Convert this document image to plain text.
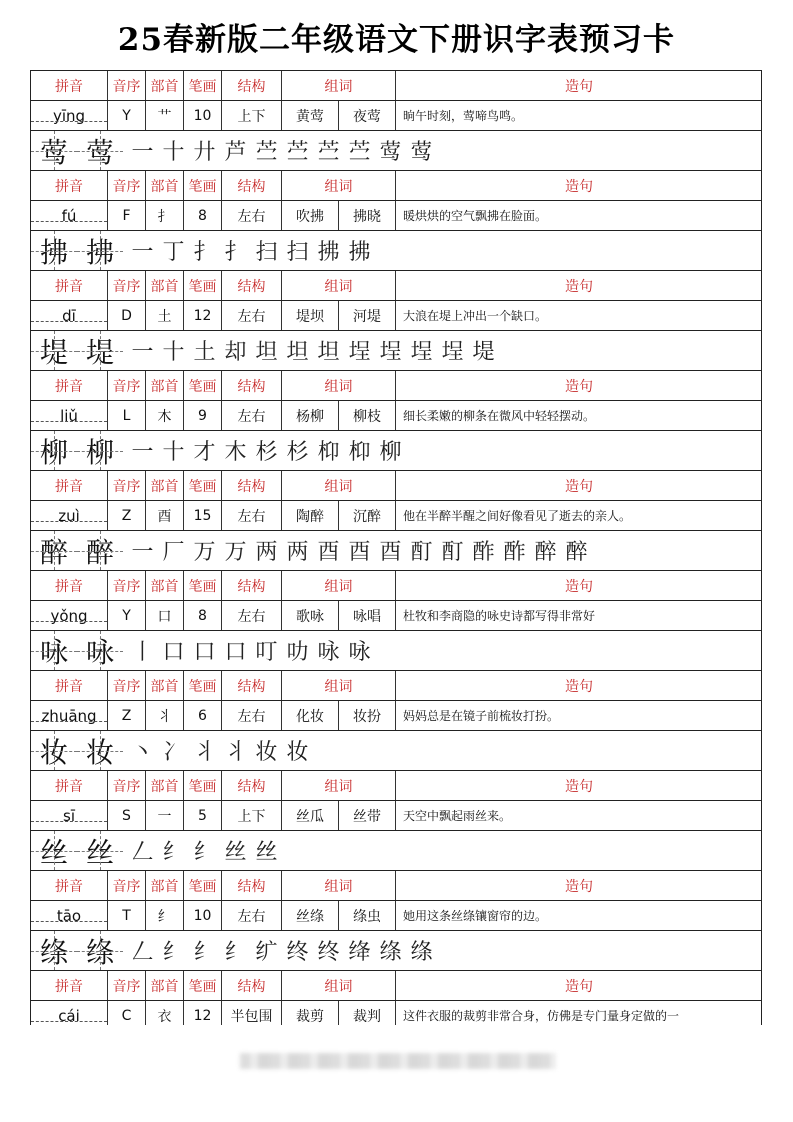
25春新版二年级语文下册识字表预习卡
拼音	音序 部首 笔画	结构	组词	造句
yīng	Y	艹	10	上下	黄莺	夜莺	晌午时刻，莺啼鸟鸣。
莺 莺 一 十 廾 芦 苎 苎 苎 苎 莺 莺
拼音	音序 部首 笔画	结构	组词	造句
fú	F	扌	8	左右	吹拂	拂晓	暖烘烘的空气飘拂在脸面。
拂 拂 一 丁 扌 扌 扫 扫 拂 拂
拼音	音序 部首 笔画	结构	组词	造句
dī	D	土	12	左右	堤坝	河堤	大浪在堤上冲出一个缺口。
堤 堤 一 十 土 却 坦 坦 坦 埕 埕 埕 埕 堤
拼音	音序 部首 笔画	结构	组词	造句
liǔ	L	木	9	左右	杨柳	柳枝	细长柔嫩的柳条在微风中轻轻摆动。
柳 柳 一 十 才 木 杉 杉 枊 枊 柳
拼音	音序 部首 笔画	结构	组词	造句
zuì	Z	酉	15	左右	陶醉	沉醉	他在半醉半醒之间好像看见了逝去的亲人。
醉 醉 一 厂 万 万 两 两 酉 酉 酉 酊 酊 酢 酢 醉 醉
拼音	音序 部首 笔画	结构	组词	造句
yǒng	Y	口	8	左右	歌咏	咏唱	杜牧和李商隐的咏史诗都写得非常好
咏 咏 丨 口 口 口 叮 叻 咏 咏
拼音	音序 部首 笔画	结构	组词	造句
zhuāng	Z	丬	6	左右	化妆	妆扮	妈妈总是在镜子前梳妆打扮。
妆 妆 丶 冫 丬 丬 妆 妆
拼音	音序 部首 笔画	结构	组词	造句
sī	S	一	5	上下	丝瓜	丝带	天空中飘起雨丝来。
丝 丝 𠃋 纟 纟 丝 丝
拼音	音序 部首 笔画	结构	组词	造句
tāo	T	纟	10	左右	丝绦	绦虫	她用这条丝绦镶窗帘的边。
绦 绦 𠃋 纟 纟 纟 纩 终 终 绛 绦 绦
拼音	音序 部首 笔画	结构	组词	造句
cái	C	衣	12	半包围	裁剪	裁判	这件衣服的裁剪非常合身，仿佛是专门量身定做的一
